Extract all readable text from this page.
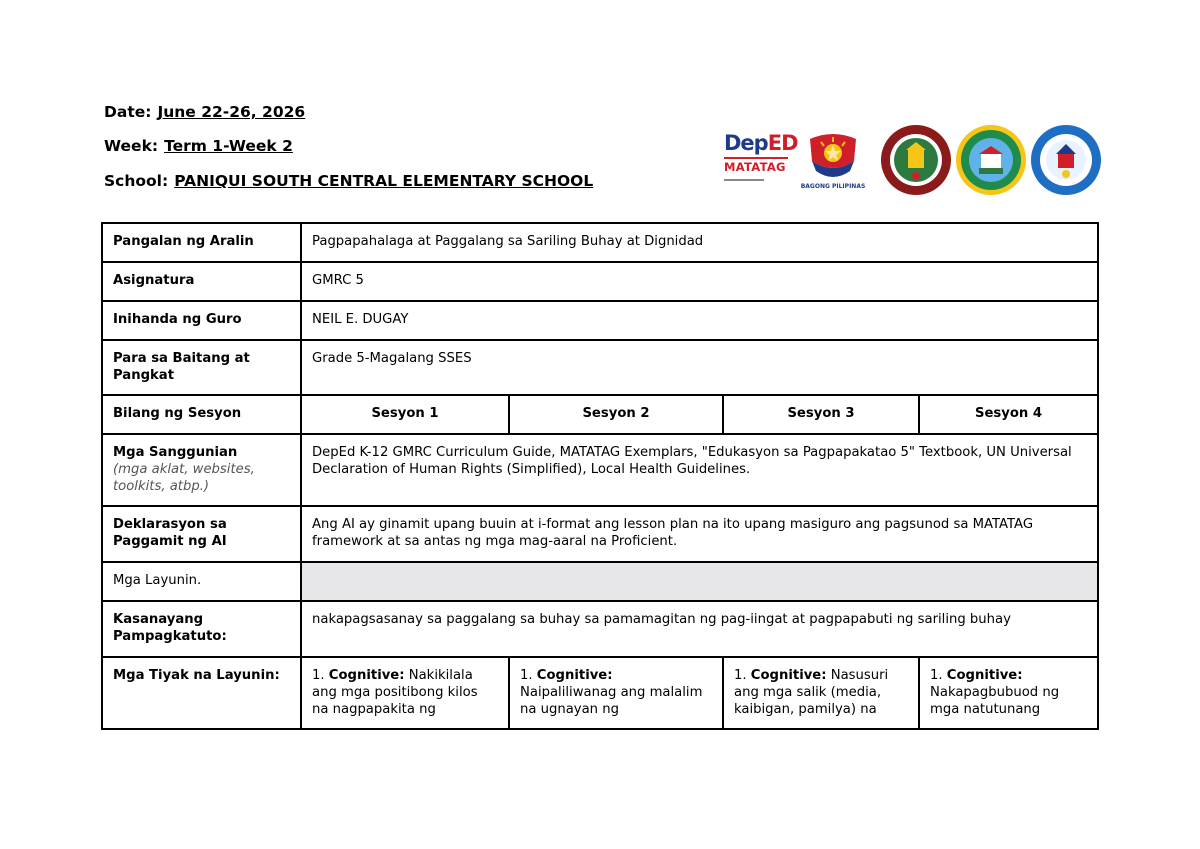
Date: June 22-26, 2026
Week: Term 1-Week 2
School: PANIQUI SOUTH CENTRAL ELEMENTARY SCHOOL
DepED
MATATAG
BAGONG PILIPINAS
Pangalan ng Aralin	Pagpapahalaga at Paggalang sa Sariling Buhay at Dignidad			
Asignatura	GMRC 5			
Inihanda ng Guro	NEIL E. DUGAY			
Para sa Baitang at Pangkat	Grade 5-Magalang SSES			
Bilang ng Sesyon	Sesyon 1	Sesyon 2	Sesyon 3	Sesyon 4
Mga Sanggunian
(mga aklat, websites, toolkits, atbp.)	DepEd K-12 GMRC Curriculum Guide, MATATAG Exemplars, "Edukasyon sa Pagpapakatao 5" Textbook, UN Universal Declaration of Human Rights (Simplified), Local Health Guidelines.			
Deklarasyon sa Paggamit ng AI	Ang AI ay ginamit upang buuin at i-format ang lesson plan na ito upang masiguro ang pagsunod sa MATATAG framework at sa antas ng mga mag-aaral na Proficient.			
Mga Layunin.				
Kasanayang Pampagkatuto:	nakapagsasanay sa paggalang sa buhay sa pamamagitan ng pag-iingat at pagpapabuti ng sariling buhay			
Mga Tiyak na Layunin:	1. Cognitive: Nakikilala ang mga positibong kilos na nagpapakita ng	1. Cognitive: Naipaliliwanag ang malalim na ugnayan ng	1. Cognitive: Nasusuri ang mga salik (media, kaibigan, pamilya) na	1. Cognitive: Nakapagbubuod ng mga natutunang
